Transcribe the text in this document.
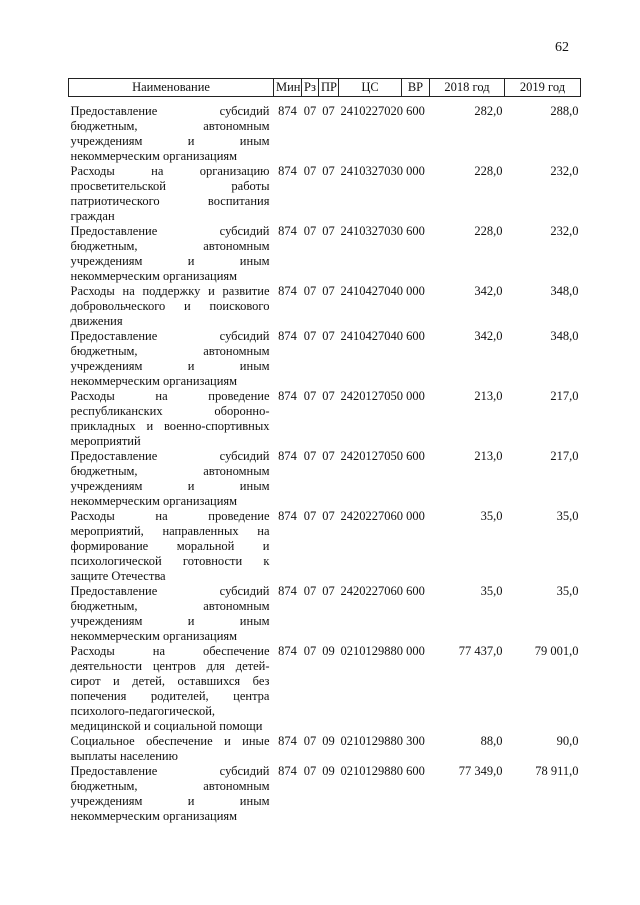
62
Наименование	Мин	Рз	ПР	ЦС	ВР	2018 год	2019 год
Предоставление субсидий бюджетным, автономным учреждениям и иным некоммерческим организациям	874	07	07	2410227020	600	282,0	288,0
Расходы на организацию просветительской работы патриотического воспитания граждан	874	07	07	2410327030	000	228,0	232,0
Предоставление субсидий бюджетным, автономным учреждениям и иным некоммерческим организациям	874	07	07	2410327030	600	228,0	232,0
Расходы на поддержку и развитие добровольческого и поискового движения	874	07	07	2410427040	000	342,0	348,0
Предоставление субсидий бюджетным, автономным учреждениям и иным некоммерческим организациям	874	07	07	2410427040	600	342,0	348,0
Расходы на проведение республиканских оборонно-прикладных и военно-спортивных мероприятий	874	07	07	2420127050	000	213,0	217,0
Предоставление субсидий бюджетным, автономным учреждениям и иным некоммерческим организациям	874	07	07	2420127050	600	213,0	217,0
Расходы на проведение мероприятий, направленных на формирование моральной и психологической готовности к защите Отечества	874	07	07	2420227060	000	35,0	35,0
Предоставление субсидий бюджетным, автономным учреждениям и иным некоммерческим организациям	874	07	07	2420227060	600	35,0	35,0
Расходы на обеспечение деятельности центров для детей-сирот и детей, оставшихся без попечения родителей, центра психолого-педагогической, медицинской и социальной помощи	874	07	09	0210129880	000	77 437,0	79 001,0
Социальное обеспечение и иные выплаты населению	874	07	09	0210129880	300	88,0	90,0
Предоставление субсидий бюджетным, автономным учреждениям и иным некоммерческим организациям	874	07	09	0210129880	600	77 349,0	78 911,0
